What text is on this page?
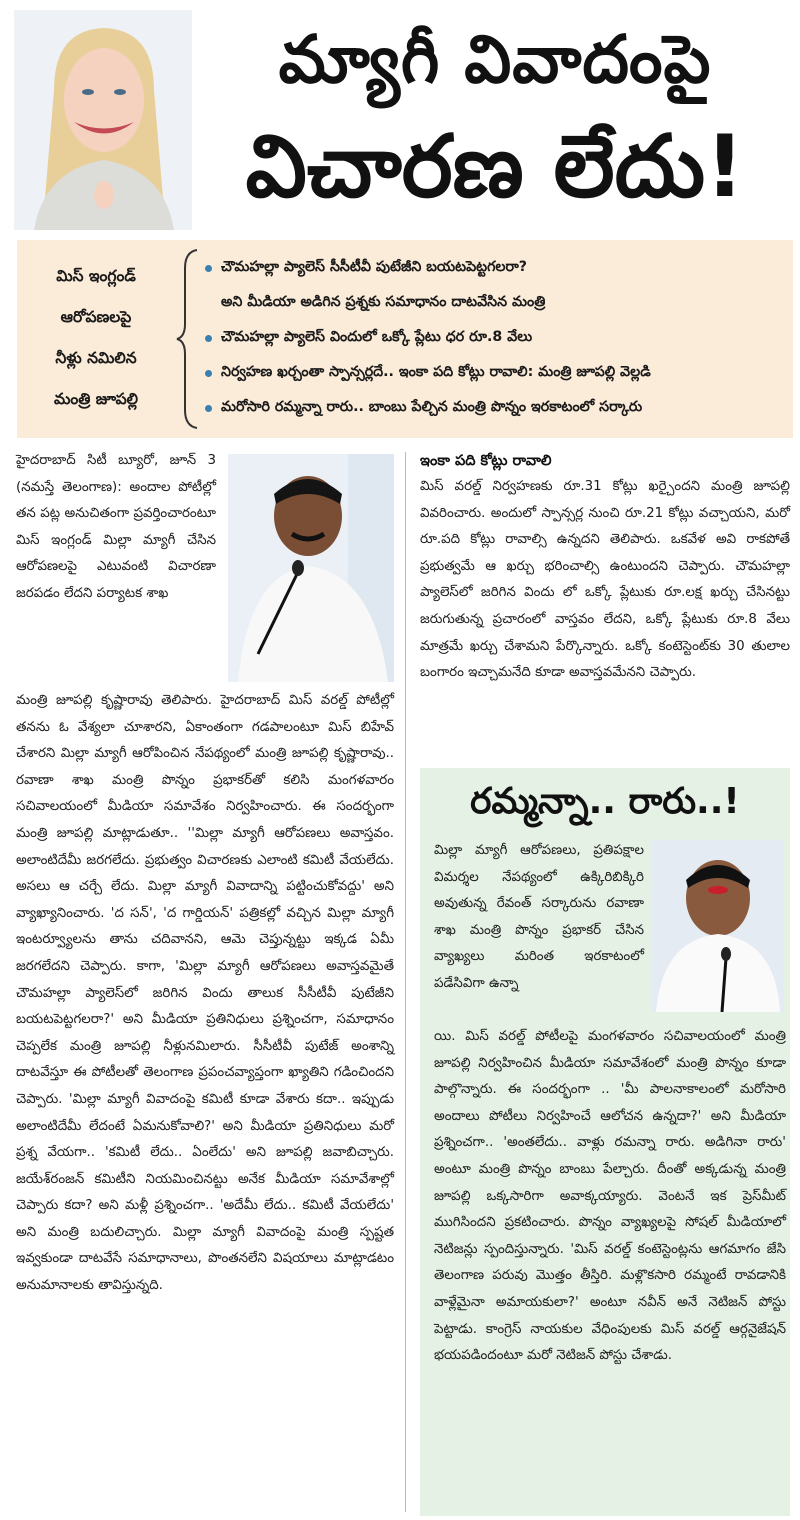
మ్యాగీ వివాదంపై
విచారణ లేదు!
మిస్ ఇంగ్లండ్
ఆరోపణలపై
నీళ్లు నమిలిన
మంత్రి జూపల్లి
చౌమహల్లా ప్యాలెస్ సీసీటీవీ పుటేజీని బయటపెట్టగలరా?
అని మీడియా అడిగిన ప్రశ్నకు సమాధానం దాటవేసిన మంత్రి
చౌమహల్లా ప్యాలెస్ విందులో ఒక్కో ప్లేటు ధర రూ.8 వేలు
నిర్వహణ ఖర్చంతా స్పాన్సర్లదే.. ఇంకా పది కోట్లు రావాలి: మంత్రి జూపల్లి వెల్లడి
మరోసారి రమ్మన్నా రారు.. బాంబు పేల్చిన మంత్రి పొన్నం ఇరకాటంలో సర్కారు
హైదరాబాద్ సిటీ బ్యూరో, జూన్ 3 (నమస్తే తెలంగాణ): అందాల పోటీల్లో తన పట్ల అనుచితంగా ప్రవర్తించారంటూ మిస్ ఇంగ్లండ్ మిల్లా మ్యాగీ చేసిన ఆరోపణలపై ఎటువంటి విచారణా జరపడం లేదని పర్యాటక శాఖ
మంత్రి జూపల్లి కృష్ణారావు తెలిపారు. హైదరాబాద్ మిస్ వరల్డ్ పోటీల్లో తనను ఓ వేశ్యలా చూశారని, ఏకాంతంగా గడపాలంటూ మిస్ బిహేవ్ చేశారని మిల్లా మ్యాగీ ఆరోపించిన నేపథ్యంలో మంత్రి జూపల్లి కృష్ణారావు.. రవాణా శాఖ మంత్రి పొన్నం ప్రభాకర్‌తో కలిసి మంగళవారం సచివాలయంలో మీడియా సమావేశం నిర్వహించారు. ఈ సందర్భంగా మంత్రి జూపల్లి మాట్లాడుతూ.. ''మిల్లా మ్యాగీ ఆరోపణలు అవాస్తవం. అలాంటిదేమీ జరగలేదు. ప్రభుత్వం విచారణకు ఎలాంటి కమిటీ వేయలేదు. అసలు ఆ చర్చే లేదు. మిల్లా మ్యాగీ వివాదాన్ని పట్టించుకోవద్దు' అని వ్యాఖ్యానించారు. 'ద సన్', 'ద గార్డియన్' పత్రికల్లో వచ్చిన మిల్లా మ్యాగీ ఇంటర్వ్యూలను తాను చదివానని, ఆమె చెప్తున్నట్టు ఇక్కడ ఏమీ జరగలేదని చెప్పారు. కాగా, 'మిల్లా మ్యాగీ ఆరోపణలు అవాస్తవమైతే చౌమహల్లా ప్యాలెస్‌లో జరిగిన విందు తాలుక సీసీటీవీ పుటేజీని బయటపెట్టగలరా?' అని మీడియా ప్రతినిధులు ప్రశ్నించగా, సమాధానం చెప్పలేక మంత్రి జూపల్లి నీళ్లునమిలారు. సీసీటీవీ పుటేజ్ అంశాన్ని దాటవేస్తూ ఈ పోటీలతో తెలంగాణ ప్రపంచవ్యాప్తంగా ఖ్యాతిని గడించిందని చెప్పారు. 'మిల్లా మ్యాగీ వివాదంపై కమిటీ కూడా వేశారు కదా.. ఇప్పుడు అలాంటిదేమీ లేదంటే ఏమనుకోవాలి?' అని మీడియా ప్రతినిధులు మరో ప్రశ్న వేయగా.. 'కమిటీ లేదు.. ఏంలేదు' అని జూపల్లి జవాబిచ్చారు. జయేశ్‌రంజన్ కమిటీని నియమించినట్టు అనేక మీడియా సమావేశాల్లో చెప్పారు కదా? అని మళ్లీ ప్రశ్నించగా.. 'అదేమీ లేదు.. కమిటీ వేయలేదు' అని మంత్రి బదులిచ్చారు. మిల్లా మ్యాగీ వివాదంపై మంత్రి స్పష్టత ఇవ్వకుండా దాటవేసే సమాధానాలు, పొంతనలేని విషయాలు మాట్లాడటం అనుమానాలకు తావిస్తున్నది.
ఇంకా పది కోట్లు రావాలి
మిస్ వరల్డ్ నిర్వహణకు రూ.31 కోట్లు ఖర్చైందని మంత్రి జూపల్లి వివరించారు. అందులో స్పాన్సర్ల నుంచి రూ.21 కోట్లు వచ్చాయని, మరో రూ.పది కోట్లు రావాల్సి ఉన్నదని తెలిపారు. ఒకవేళ అవి రాకపోతే ప్రభుత్వమే ఆ ఖర్చు భరించాల్సి ఉంటుందని చెప్పారు. చౌమహల్లా ప్యాలెస్‌లో జరిగిన విందు లో ఒక్కో ప్లేటుకు రూ.లక్ష ఖర్చు చేసినట్టు జరుగుతున్న ప్రచారంలో వాస్తవం లేదని, ఒక్కో ప్లేటుకు రూ.8 వేలు మాత్రమే ఖర్చు చేశామని పేర్కొన్నారు. ఒక్కో కంటెస్టెంట్‌కు 30 తులాల బంగారం ఇచ్చామనేది కూడా అవాస్తవమేనని చెప్పారు.
రమ్మన్నా.. రారు..!
మిల్లా మ్యాగీ ఆరోపణలు, ప్రతిపక్షాల విమర్శల నేపథ్యంలో ఉక్కిరిబిక్కిరి అవుతున్న రేవంత్ సర్కారును రవాణా శాఖ మంత్రి పొన్నం ప్రభాకర్ చేసిన వ్యాఖ్యలు మరింత ఇరకాటంలో పడేసివిగా ఉన్నా
యి. మిస్ వరల్డ్ పోటీలపై మంగళవారం సచివాలయంలో మంత్రి జూపల్లి నిర్వహించిన మీడియా సమావేశంలో మంత్రి పొన్నం కూడా పాల్గొన్నారు. ఈ సందర్భంగా .. 'మీ పాలనాకాలంలో మరోసారి అందాలు పోటీలు నిర్వహించే ఆలోచన ఉన్నదా?' అని మీడియా ప్రశ్నించగా.. 'అంతలేదు.. వాళ్లు రమన్నా రారు. అడిగినా రారు' అంటూ మంత్రి పొన్నం బాంబు పేల్చారు. దీంతో అక్కడున్న మంత్రి జూపల్లి ఒక్కసారిగా అవాక్కయ్యారు. వెంటనే ఇక ప్రెస్‌మీట్ ముగిసిందని ప్రకటించారు. పొన్నం వ్యాఖ్యలపై సోషల్ మీడియాలో నెటిజన్లు స్పందిస్తున్నారు. 'మిస్ వరల్డ్ కంటెస్టెంట్లను ఆగమాగం జేసి తెలంగాణ పరువు మొత్తం తీస్తిరి. మళ్లొకసారి రమ్మంటే రావడానికి వాళ్లేమైనా అమాయకులా?' అంటూ నవీన్ అనే నెటిజన్ పోస్టు పెట్టాడు. కాంగ్రెస్ నాయకుల వేధింపులకు మిస్ వరల్డ్ ఆర్గనైజేషన్ భయపడిందంటూ మరో నెటిజన్ పోస్టు చేశాడు.
